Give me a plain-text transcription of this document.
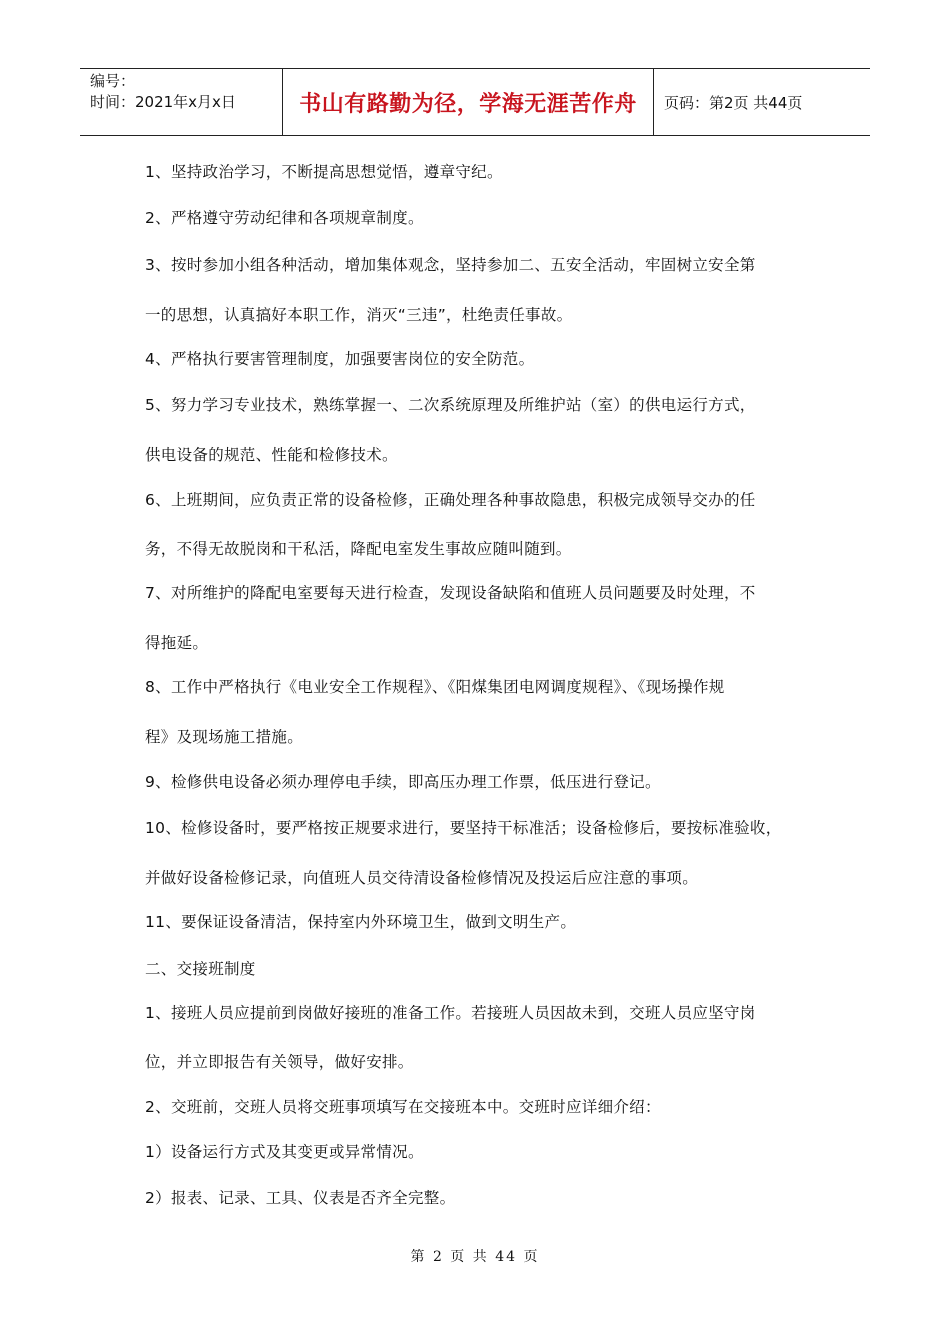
编号：
时间：2021年x月x日	书山有路勤为径，学海无涯苦作舟 页码：第2页 共44页
1、坚持政治学习，不断提高思想觉悟，遵章守纪。
2、严格遵守劳动纪律和各项规章制度。
3、按时参加小组各种活动，增加集体观念，坚持参加二、五安全活动，牢固树立安全第
一的思想，认真搞好本职工作，消灭“三违”，杜绝责任事故。
4、严格执行要害管理制度，加强要害岗位的安全防范。
5、努力学习专业技术，熟练掌握一、二次系统原理及所维护站（室）的供电运行方式，
供电设备的规范、性能和检修技术。
6、上班期间，应负责正常的设备检修，正确处理各种事故隐患，积极完成领导交办的任
务，不得无故脱岗和干私活，降配电室发生事故应随叫随到。
7、对所维护的降配电室要每天进行检查，发现设备缺陷和值班人员问题要及时处理，不
得拖延。
8、工作中严格执行《电业安全工作规程》、《阳煤集团电网调度规程》、《现场操作规
程》及现场施工措施。
9、检修供电设备必须办理停电手续，即高压办理工作票，低压进行登记。
10、检修设备时，要严格按正规要求进行，要坚持干标准活；设备检修后，要按标准验收，
并做好设备检修记录，向值班人员交待清设备检修情况及投运后应注意的事项。
11、要保证设备清洁，保持室内外环境卫生，做到文明生产。
二、交接班制度
1、接班人员应提前到岗做好接班的准备工作。若接班人员因故未到，交班人员应坚守岗
位，并立即报告有关领导，做好安排。
2、交班前，交班人员将交班事项填写在交接班本中。交班时应详细介绍：
1）设备运行方式及其变更或异常情况。
2）报表、记录、工具、仪表是否齐全完整。
第 2 页 共 44 页
